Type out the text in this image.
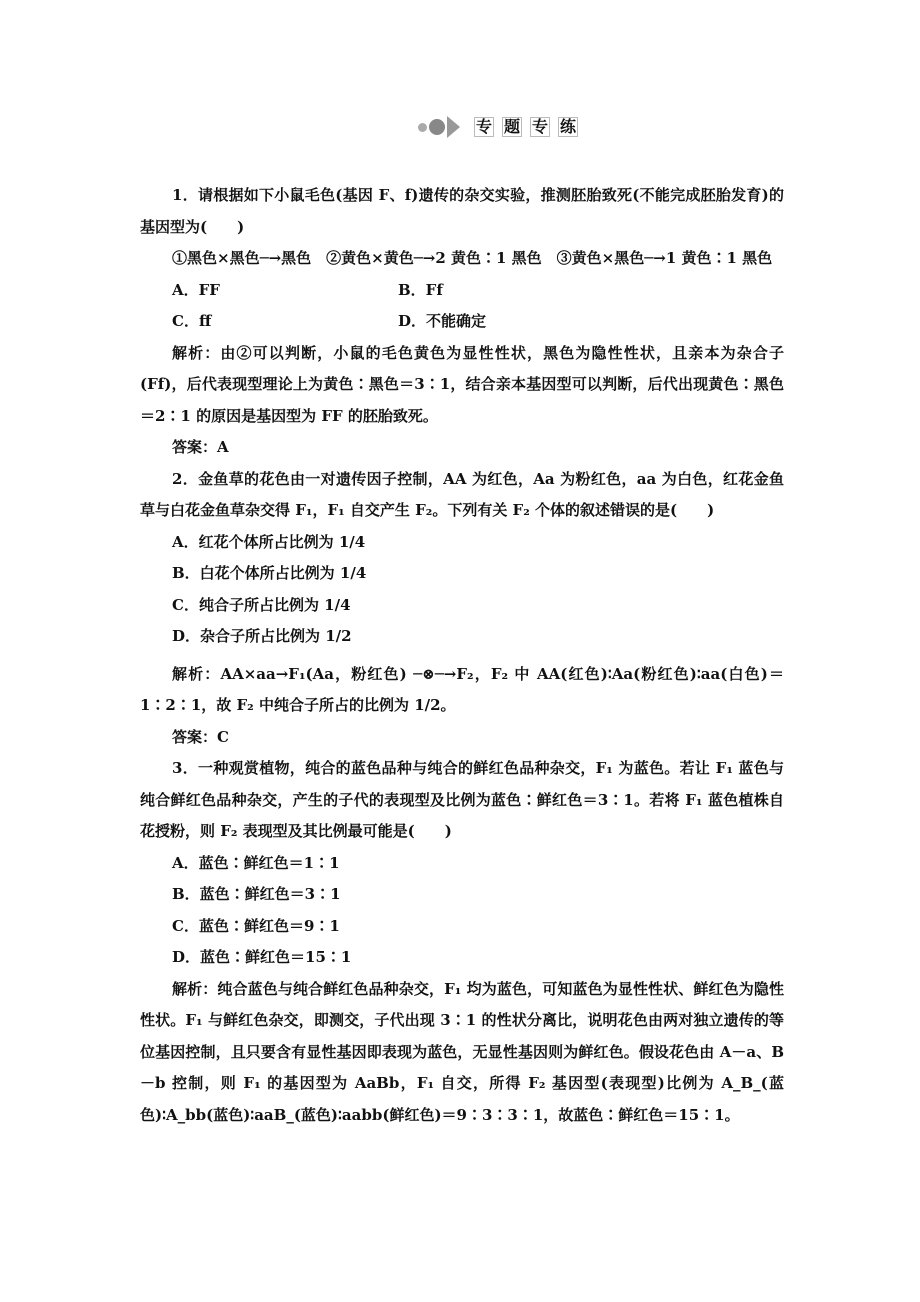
专 题 专 练

1．请根据如下小鼠毛色(基因 F、f)遗传的杂交实验，推测胚胎致死(不能完成胚胎发育)的基因型为(　　)

①黑色×黑色─→黑色　②黄色×黄色─→2 黄色∶1 黑色　③黄色×黑色─→1 黄色∶1 黑色

A．FF	B．Ff
C．ff	D．不能确定

解析：由②可以判断，小鼠的毛色黄色为显性性状，黑色为隐性性状，且亲本为杂合子(Ff)，后代表现型理论上为黄色∶黑色＝3∶1，结合亲本基因型可以判断，后代出现黄色∶黑色＝2∶1 的原因是基因型为 FF 的胚胎致死。

答案：A

2．金鱼草的花色由一对遗传因子控制，AA 为红色，Aa 为粉红色，aa 为白色，红花金鱼草与白花金鱼草杂交得 F₁，F₁ 自交产生 F₂。下列有关 F₂ 个体的叙述错误的是(　　)

A．红花个体所占比例为 1/4
B．白花个体所占比例为 1/4
C．纯合子所占比例为 1/4
D．杂合子所占比例为 1/2

解析：AA×aa→F₁(Aa，粉红色) ─⊗─→F₂，F₂ 中 AA(红色)∶Aa(粉红色)∶aa(白色)＝1∶2∶1，故 F₂ 中纯合子所占的比例为 1/2。

答案：C

3．一种观赏植物，纯合的蓝色品种与纯合的鲜红色品种杂交，F₁ 为蓝色。若让 F₁ 蓝色与纯合鲜红色品种杂交，产生的子代的表现型及比例为蓝色∶鲜红色＝3∶1。若将 F₁ 蓝色植株自花授粉，则 F₂ 表现型及其比例最可能是(　　)

A．蓝色∶鲜红色＝1∶1
B．蓝色∶鲜红色＝3∶1
C．蓝色∶鲜红色＝9∶1
D．蓝色∶鲜红色＝15∶1

解析：纯合蓝色与纯合鲜红色品种杂交，F₁ 均为蓝色，可知蓝色为显性性状、鲜红色为隐性性状。F₁ 与鲜红色杂交，即测交，子代出现 3∶1 的性状分离比，说明花色由两对独立遗传的等位基因控制，且只要含有显性基因即表现为蓝色，无显性基因则为鲜红色。假设花色由 A－a、B－b 控制，则 F₁ 的基因型为 AaBb，F₁ 自交，所得 F₂ 基因型(表现型)比例为 A_B_(蓝色)∶A_bb(蓝色)∶aaB_(蓝色)∶aabb(鲜红色)＝9∶3∶3∶1，故蓝色∶鲜红色＝15∶1。
